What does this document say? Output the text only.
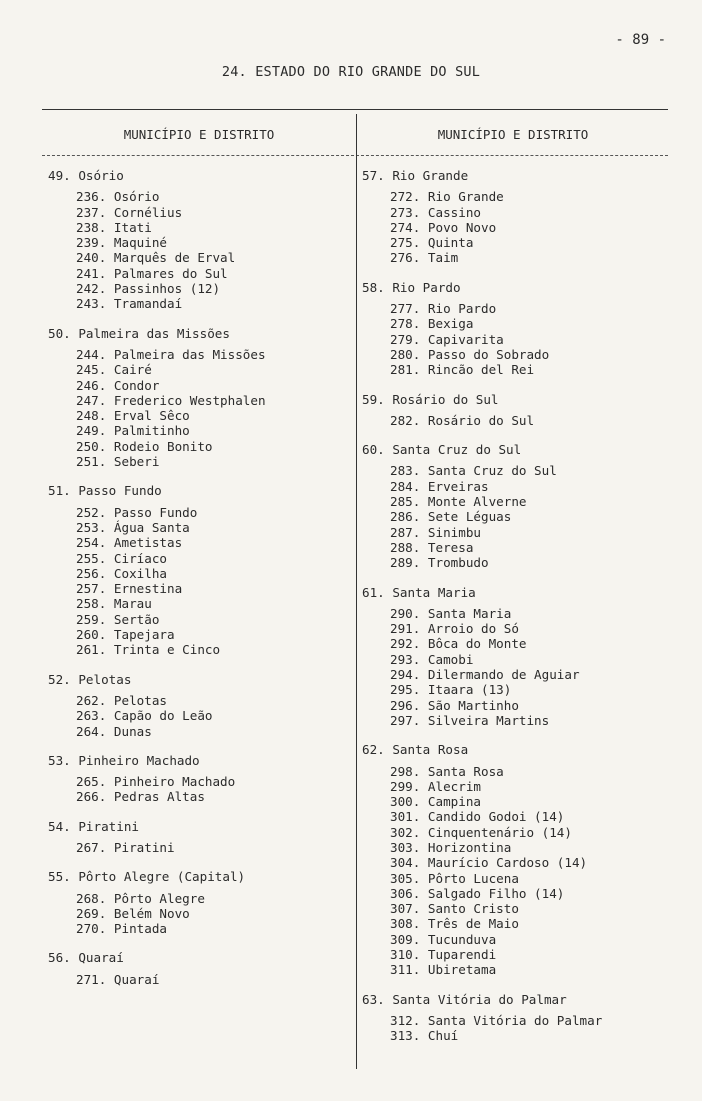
- 89 -
24. ESTADO DO RIO GRANDE DO SUL
MUNICÍPIO E DISTRITO	MUNICÍPIO E DISTRITO
49. Osório
236. Osório
237. Cornélius
238. Itati
239. Maquiné
240. Marquês de Erval
241. Palmares do Sul
242. Passinhos (12)
243. Tramandaí
50. Palmeira das Missões
244. Palmeira das Missões
245. Cairé
246. Condor
247. Frederico Westphalen
248. Erval Sêco
249. Palmitinho
250. Rodeio Bonito
251. Seberi
51. Passo Fundo
252. Passo Fundo
253. Água Santa
254. Ametistas
255. Ciríaco
256. Coxilha
257. Ernestina
258. Marau
259. Sertão
260. Tapejara
261. Trinta e Cinco
52. Pelotas
262. Pelotas
263. Capão do Leão
264. Dunas
53. Pinheiro Machado
265. Pinheiro Machado
266. Pedras Altas
54. Piratini
267. Piratini
55. Pôrto Alegre (Capital)
268. Pôrto Alegre
269. Belém Novo
270. Pintada
56. Quaraí
271. Quaraí
57. Rio Grande
272. Rio Grande
273. Cassino
274. Povo Novo
275. Quinta
276. Taim
58. Rio Pardo
277. Rio Pardo
278. Bexiga
279. Capivarita
280. Passo do Sobrado
281. Rincão del Rei
59. Rosário do Sul
282. Rosário do Sul
60. Santa Cruz do Sul
283. Santa Cruz do Sul
284. Erveiras
285. Monte Alverne
286. Sete Léguas
287. Sinimbu
288. Teresa
289. Trombudo
61. Santa Maria
290. Santa Maria
291. Arroio do Só
292. Bôca do Monte
293. Camobi
294. Dilermando de Aguiar
295. Itaara (13)
296. São Martinho
297. Silveira Martins
62. Santa Rosa
298. Santa Rosa
299. Alecrim
300. Campina
301. Candido Godoi (14)
302. Cinquentenário (14)
303. Horizontina
304. Maurício Cardoso (14)
305. Pôrto Lucena
306. Salgado Filho (14)
307. Santo Cristo
308. Três de Maio
309. Tucunduva
310. Tuparendi
311. Ubiretama
63. Santa Vitória do Palmar
312. Santa Vitória do Palmar
313. Chuí
